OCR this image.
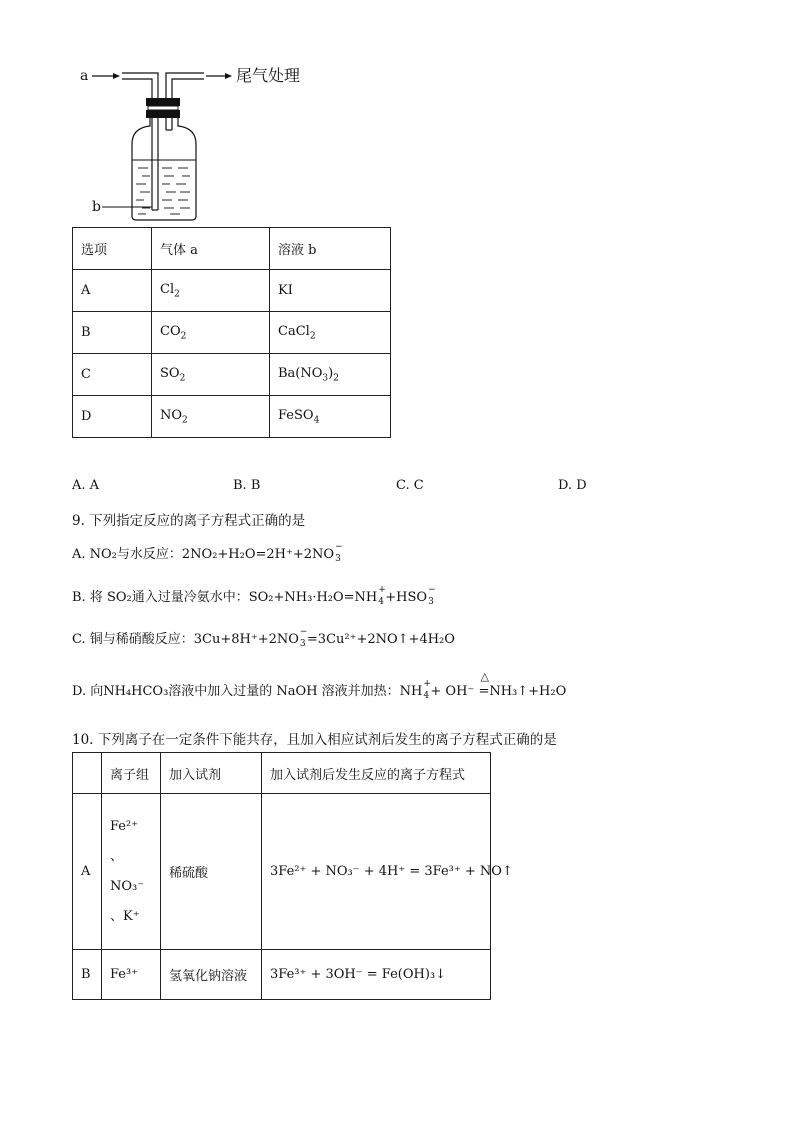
a
b
尾气处理
选项	气体 a	溶液 b
A	$Cl_2$	KI
B	$CO_2$	CaCl$_2$
C	$SO_2$	$Ba(NO_3)_2$
D	$NO_2$	FeSO$_4$
A. A	B. B	C. C	D. D
9. 下列指定反应的离子方程式正确的是
A. NO₂与水反应：2NO₂+H₂O=2H⁺+2NO
−
3
B. 将 SO₂通入过量冷氨水中：SO₂+NH₃·H₂O=NH
+
4 +HSO
−
3
C. 铜与稀硝酸反应：3Cu+8H⁺+2NO
−
3 =3Cu²⁺+2NO↑+4H₂O
D. 向NH₄HCO₃溶液中加入过量的 NaOH 溶液并加热：NH
+
4 + OH⁻
△
=NH₃↑+H₂O
10. 下列离子在一定条件下能共存，且加入相应试剂后发生的离子方程式正确的是
	离子组	加入试剂	加入试剂后发生反应的离子方程式
A	Fe²⁺
、
NO₃⁻
、K⁺	稀硫酸	3Fe²⁺ + NO₃⁻ + 4H⁺ = 3Fe³⁺ + NO↑

B	Fe³⁺	氢氧化钠溶液	3Fe³⁺ + 3OH⁻ = Fe(OH)₃↓
